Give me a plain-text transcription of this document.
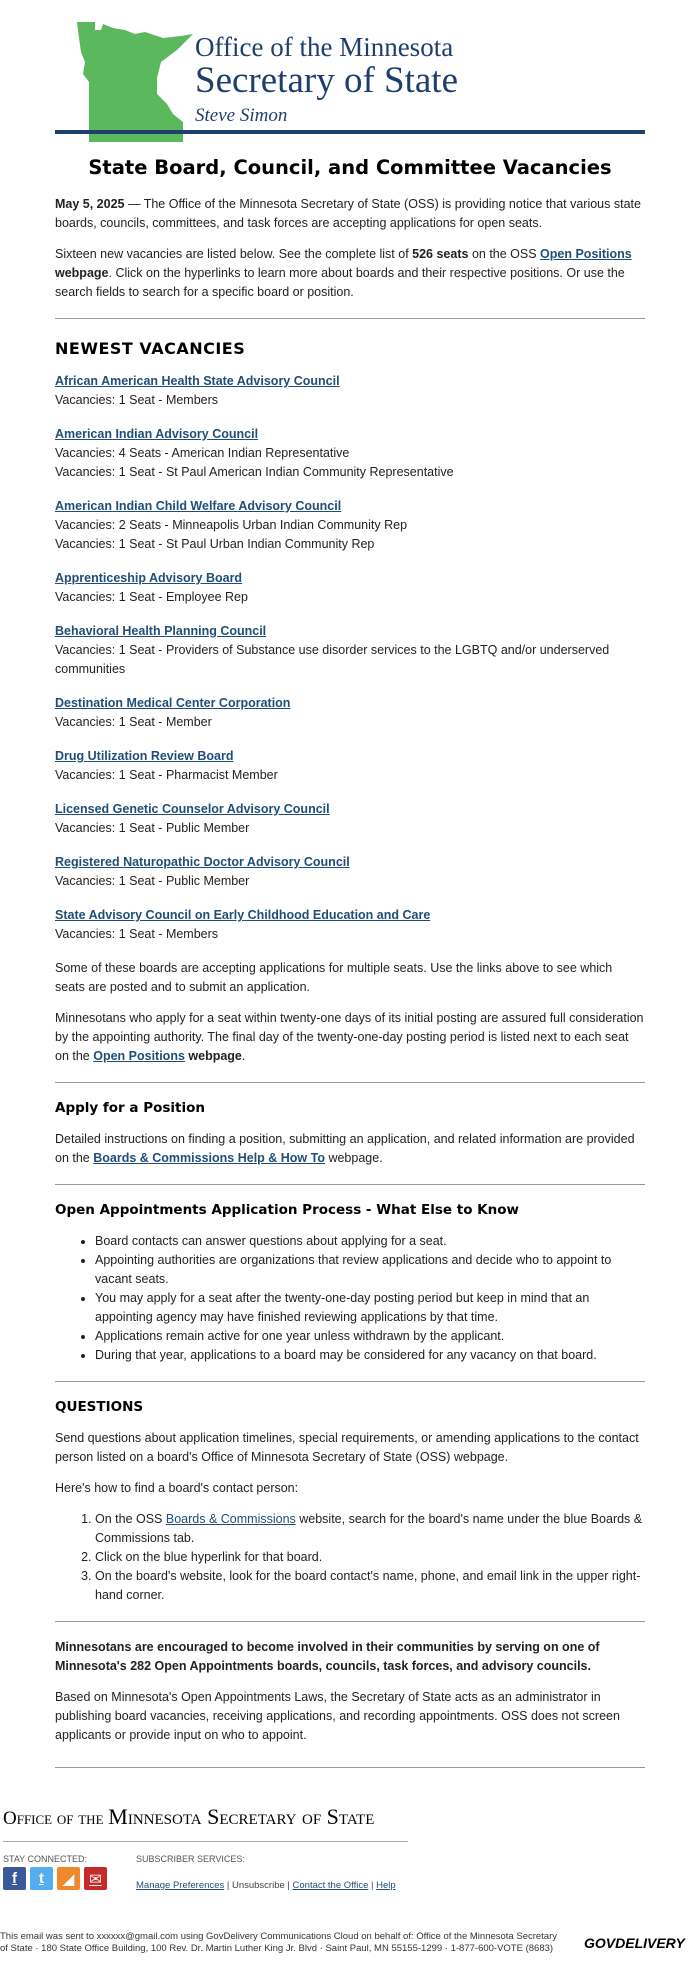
Office of the Minnesota
Secretary of State
Steve Simon
State Board, Council, and Committee Vacancies

May 5, 2025 — The Office of the Minnesota Secretary of State (OSS) is providing notice that various state boards, councils, committees, and task forces are accepting applications for open seats.

Sixteen new vacancies are listed below. See the complete list of 526 seats on the OSS Open Positions webpage. Click on the hyperlinks to learn more about boards and their respective positions. Or use the search fields to search for a specific board or position.

NEWEST VACANCIES
African American Health State Advisory Council
Vacancies: 1 Seat - Members
American Indian Advisory Council
Vacancies: 4 Seats - American Indian Representative
Vacancies: 1 Seat - St Paul American Indian Community Representative
American Indian Child Welfare Advisory Council
Vacancies: 2 Seats - Minneapolis Urban Indian Community Rep
Vacancies: 1 Seat - St Paul Urban Indian Community Rep
Apprenticeship Advisory Board
Vacancies: 1 Seat - Employee Rep
Behavioral Health Planning Council
Vacancies: 1 Seat - Providers of Substance use disorder services to the LGBTQ and/or underserved communities
Destination Medical Center Corporation
Vacancies: 1 Seat - Member
Drug Utilization Review Board
Vacancies: 1 Seat - Pharmacist Member
Licensed Genetic Counselor Advisory Council
Vacancies: 1 Seat - Public Member
Registered Naturopathic Doctor Advisory Council
Vacancies: 1 Seat - Public Member
State Advisory Council on Early Childhood Education and Care
Vacancies: 1 Seat - Members

Some of these boards are accepting applications for multiple seats. Use the links above to see which seats are posted and to submit an application.

Minnesotans who apply for a seat within twenty-one days of its initial posting are assured full consideration by the appointing authority. The final day of the twenty-one-day posting period is listed next to each seat on the Open Positions webpage.

Apply for a Position

Detailed instructions on finding a position, submitting an application, and related information are provided on the Boards & Commissions Help & How To webpage.

Open Appointments Application Process - What Else to Know
• Board contacts can answer questions about applying for a seat.
• Appointing authorities are organizations that review applications and decide who to appoint to vacant seats.
• You may apply for a seat after the twenty-one-day posting period but keep in mind that an appointing agency may have finished reviewing applications by that time.
• Applications remain active for one year unless withdrawn by the applicant.
• During that year, applications to a board may be considered for any vacancy on that board.
QUESTIONS

Send questions about application timelines, special requirements, or amending applications to the contact person listed on a board's Office of Minnesota Secretary of State (OSS) webpage.

Here's how to find a board's contact person:

1. On the OSS Boards & Commissions website, search for the board's name under the blue Boards & Commissions tab.
2. Click on the blue hyperlink for that board.
3. On the board's website, look for the board contact's name, phone, and email link in the upper right-hand corner.

Minnesotans are encouraged to become involved in their communities by serving on one of Minnesota's 282 Open Appointments boards, councils, task forces, and advisory councils.

Based on Minnesota's Open Appointments Laws, the Secretary of State acts as an administrator in publishing board vacancies, receiving applications, and recording appointments. OSS does not screen applicants or provide input on who to appoint.

Office of the Minnesota Secretary of State
STAY CONNECTED:
f	t	◢ ✉
SUBSCRIBER SERVICES:
Manage Preferences | Unsubscribe | Contact the Office | Help
This email was sent to xxxxxx@gmail.com using GovDelivery Communications Cloud on behalf of: Office of the Minnesota Secretary of State · 180 State Office Building, 100 Rev. Dr. Martin Luther King Jr. Blvd · Saint Paul, MN 55155-1299 · 1-877-600-VOTE (8683)	GOVDELIVERY
